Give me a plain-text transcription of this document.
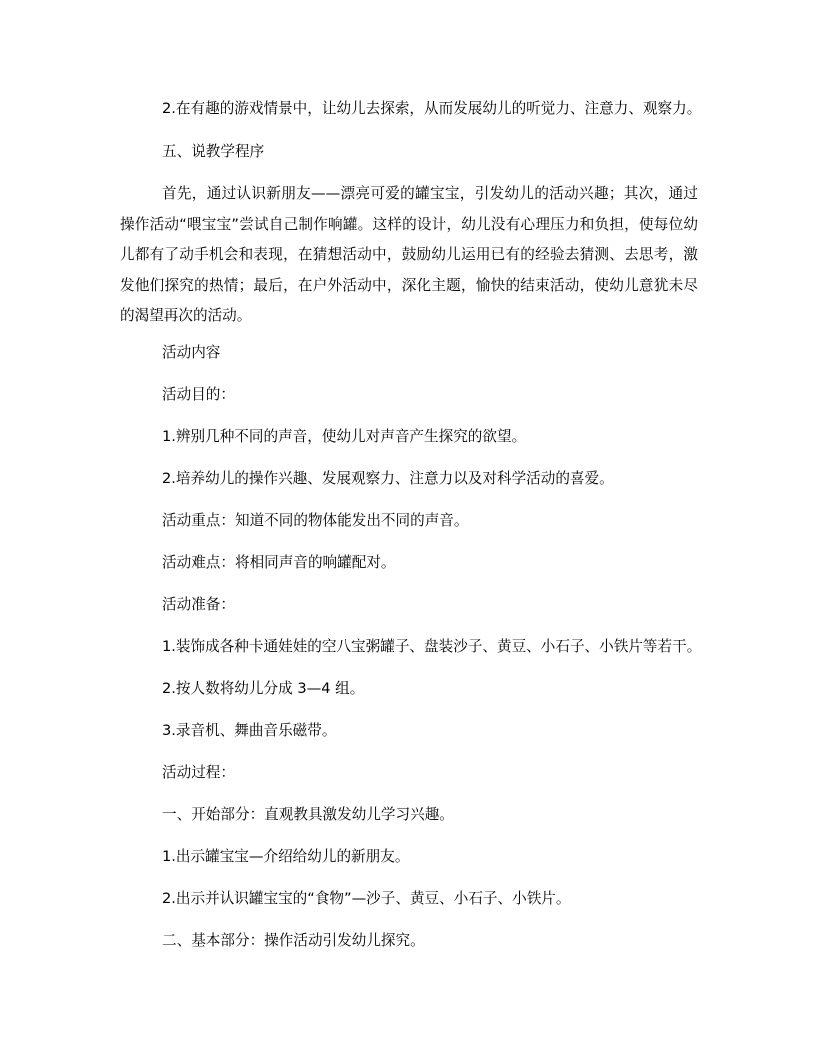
2.在有趣的游戏情景中，让幼儿去探索，从而发展幼儿的听觉力、注意力、观察力。
五、说教学程序
首先，通过认识新朋友——漂亮可爱的罐宝宝，引发幼儿的活动兴趣；其次，通过操作活动“喂宝宝”尝试自己制作响罐。这样的设计，幼儿没有心理压力和负担，使每位幼儿都有了动手机会和表现，在猜想活动中，鼓励幼儿运用已有的经验去猜测、去思考，激发他们探究的热情；最后，在户外活动中，深化主题，愉快的结束活动，使幼儿意犹未尽的渴望再次的活动。
活动内容
活动目的：
1.辨别几种不同的声音，使幼儿对声音产生探究的欲望。
2.培养幼儿的操作兴趣、发展观察力、注意力以及对科学活动的喜爱。
活动重点：知道不同的物体能发出不同的声音。
活动难点：将相同声音的响罐配对。
活动准备：
1.装饰成各种卡通娃娃的空八宝粥罐子、盘装沙子、黄豆、小石子、小铁片等若干。
2.按人数将幼儿分成 3—4 组。
3.录音机、舞曲音乐磁带。
活动过程：
一、开始部分：直观教具激发幼儿学习兴趣。
1.出示罐宝宝—介绍给幼儿的新朋友。
2.出示并认识罐宝宝的“食物”—沙子、黄豆、小石子、小铁片。
二、基本部分：操作活动引发幼儿探究。
